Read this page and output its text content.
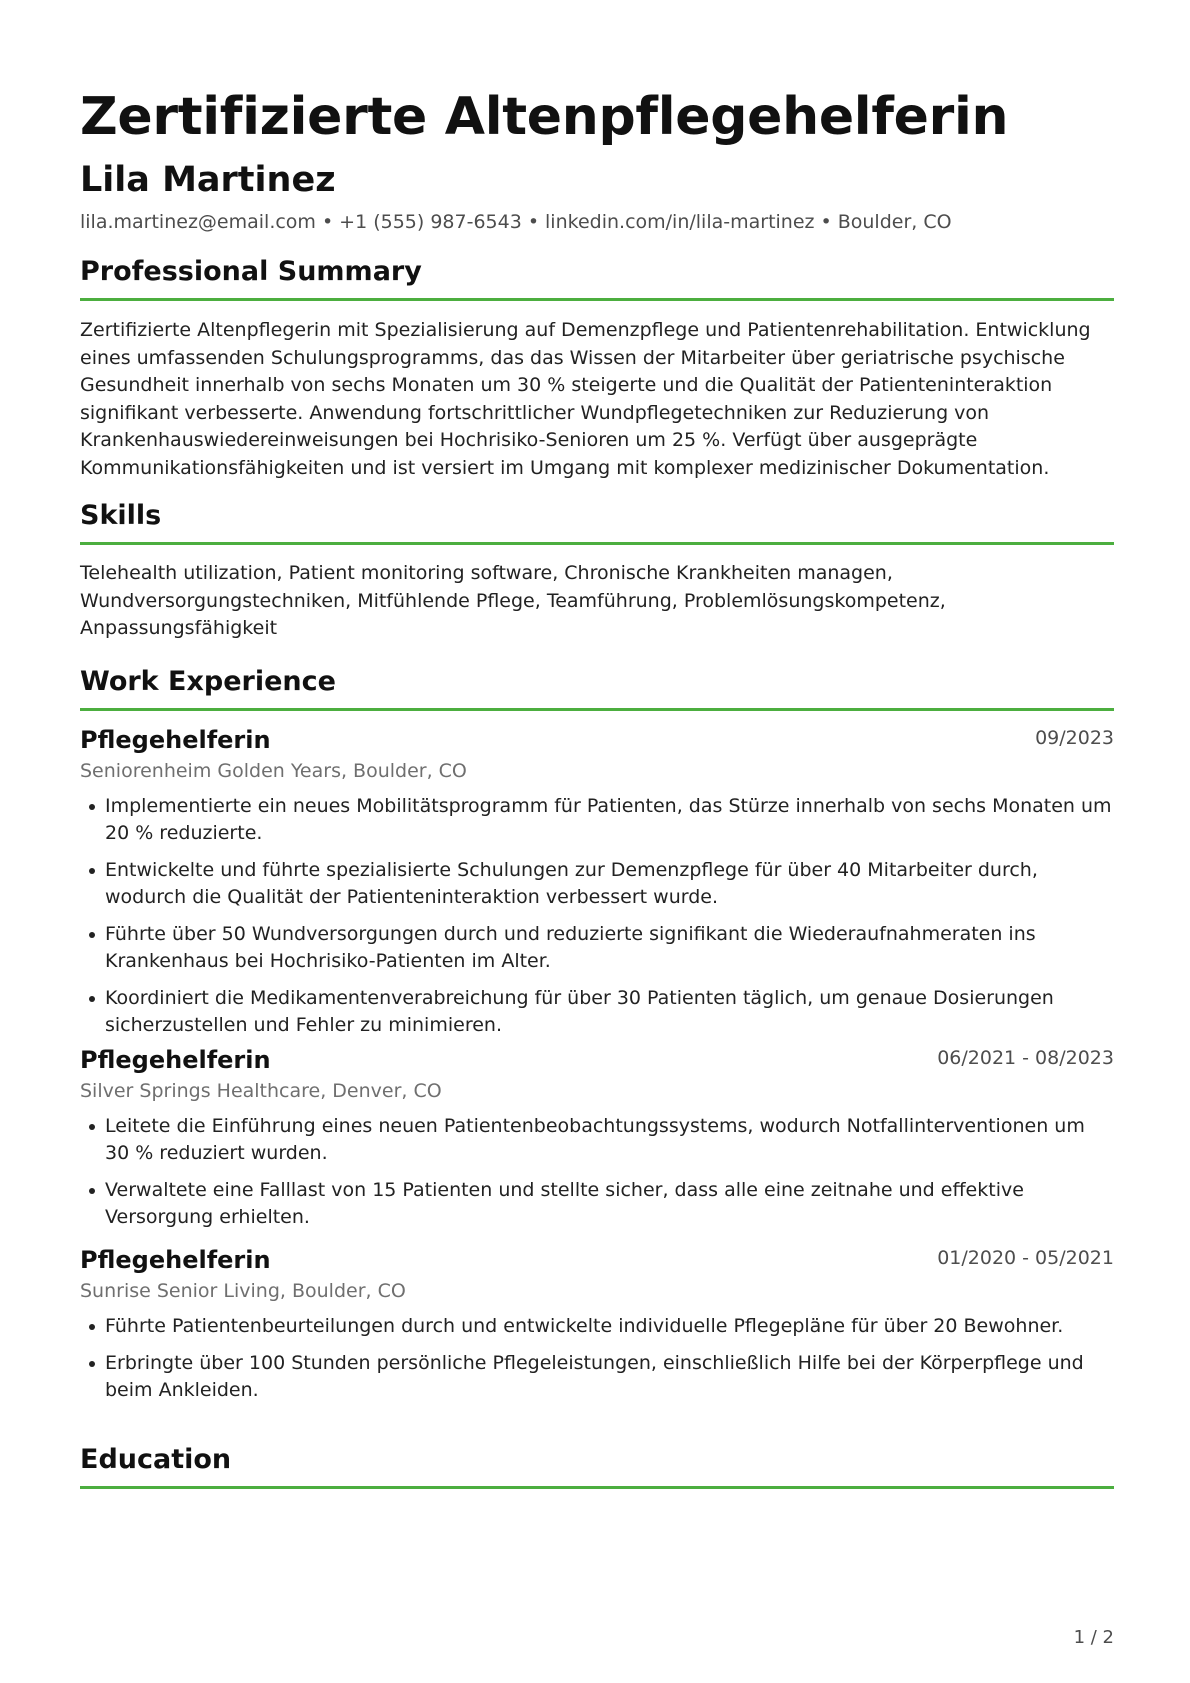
Zertifizierte Altenpflegehelferin
Lila Martinez
lila.martinez@email.com • +1 (555) 987-6543 • linkedin.com/in/lila-martinez • Boulder, CO
Professional Summary

Zertifizierte Altenpflegerin mit Spezialisierung auf Demenzpflege und Patientenrehabilitation. Entwicklung eines umfassenden Schulungsprogramms, das das Wissen der Mitarbeiter über geriatrische psychische Gesundheit innerhalb von sechs Monaten um 30 % steigerte und die Qualität der Patienteninteraktion signifikant verbesserte. Anwendung fortschrittlicher Wundpflegetechniken zur Reduzierung von Krankenhauswiedereinweisungen bei Hochrisiko-Senioren um 25 %. Verfügt über ausgeprägte Kommunikationsfähigkeiten und ist versiert im Umgang mit komplexer medizinischer Dokumentation.

Skills

Telehealth utilization, Patient monitoring software, Chronische Krankheiten managen, Wundversorgungstechniken, Mitfühlende Pflege, Teamführung, Problemlösungskompetenz, Anpassungsfähigkeit

Work Experience
Pflegehelferin	09/2023
Seniorenheim Golden Years, Boulder, CO
Implementierte ein neues Mobilitätsprogramm für Patienten, das Stürze innerhalb von sechs Monaten um 20 % reduzierte.
Entwickelte und führte spezialisierte Schulungen zur Demenzpflege für über 40 Mitarbeiter durch, wodurch die Qualität der Patienteninteraktion verbessert wurde.
Führte über 50 Wundversorgungen durch und reduzierte signifikant die Wiederaufnahmeraten ins Krankenhaus bei Hochrisiko-Patienten im Alter.
Koordiniert die Medikamentenverabreichung für über 30 Patienten täglich, um genaue Dosierungen sicherzustellen und Fehler zu minimieren.
Pflegehelferin	06/2021 - 08/2023
Silver Springs Healthcare, Denver, CO
Leitete die Einführung eines neuen Patientenbeobachtungssystems, wodurch Notfallinterventionen um 30 % reduziert wurden.
Verwaltete eine Falllast von 15 Patienten und stellte sicher, dass alle eine zeitnahe und effektive Versorgung erhielten.
Pflegehelferin	01/2020 - 05/2021
Sunrise Senior Living, Boulder, CO
Führte Patientenbeurteilungen durch und entwickelte individuelle Pflegepläne für über 20 Bewohner.
Erbringte über 100 Stunden persönliche Pflegeleistungen, einschließlich Hilfe bei der Körperpflege und beim Ankleiden.
Education
1 / 2
